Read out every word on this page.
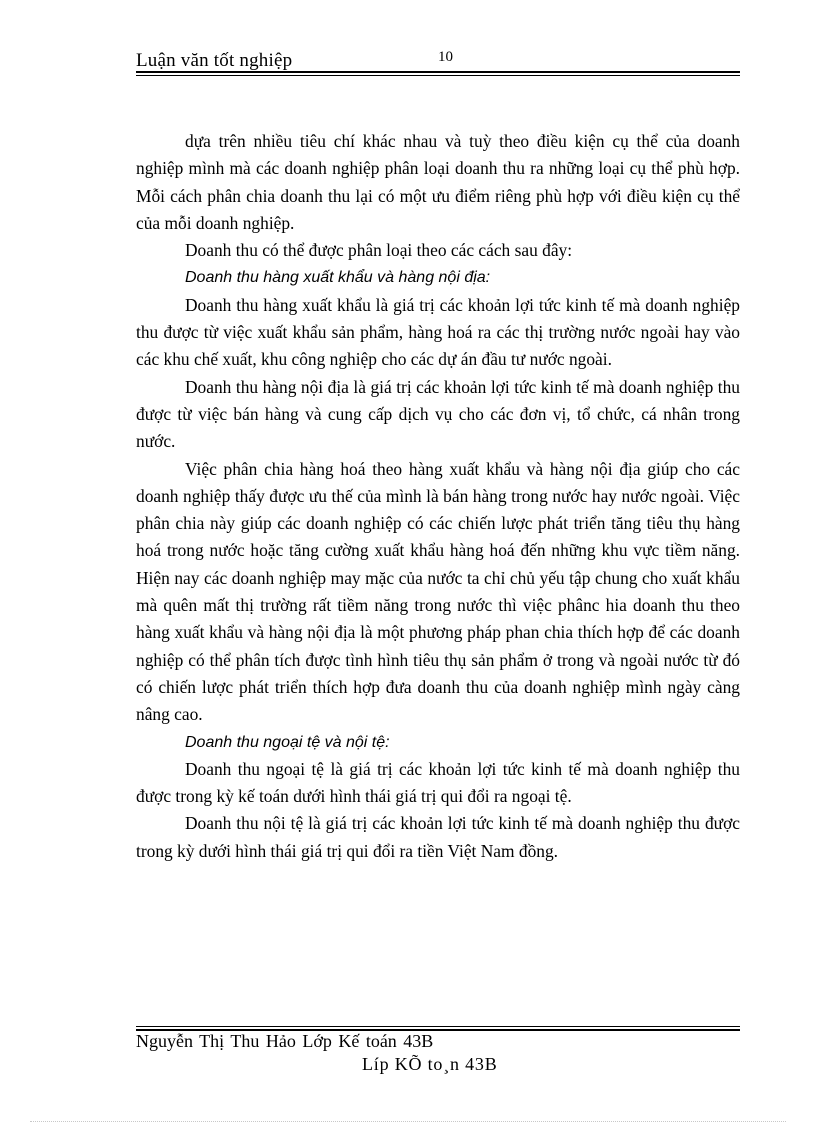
Luận văn tốt nghiệp	10

dựa trên nhiều tiêu chí khác nhau và tuỳ theo điều kiện cụ thể của doanh nghiệp mình mà các doanh nghiệp phân loại doanh thu ra những loại cụ thể phù hợp. Mỗi cách phân chia doanh thu lại có một ưu điểm riêng phù hợp với điều kiện cụ thể của mỗi doanh nghiệp.

Doanh thu có thể được phân loại theo các cách sau đây:

Doanh thu hàng xuất khẩu và hàng nội địa:

Doanh thu hàng xuất khẩu là giá trị các khoản lợi tức kinh tế mà doanh nghiệp thu được từ việc xuất khẩu sản phẩm, hàng hoá ra các thị trường nước ngoài hay vào các khu chế xuất, khu công nghiệp cho các dự án đầu tư nước ngoài.

Doanh thu hàng nội địa là giá trị các khoản lợi tức kinh tế mà doanh nghiệp thu được từ việc bán hàng và cung cấp dịch vụ cho các đơn vị, tổ chức, cá nhân trong nước.

Việc phân chia hàng hoá theo hàng xuất khẩu và hàng nội địa giúp cho các doanh nghiệp thấy được ưu thế của mình là bán hàng trong nước hay nước ngoài. Việc phân chia này giúp các doanh nghiệp có các chiến lược phát triển tăng tiêu thụ hàng hoá trong nước hoặc tăng cường xuất khẩu hàng hoá đến những khu vực tiềm năng. Hiện nay các doanh nghiệp may mặc của nước ta chỉ chủ yếu tập chung cho xuất khẩu mà quên mất thị trường rất tiềm năng trong nước thì việc phânc hia doanh thu theo hàng xuất khẩu và hàng nội địa là một phương pháp phan chia thích hợp để các doanh nghiệp có thể phân tích được tình hình tiêu thụ sản phẩm ở trong và ngoài nước từ đó có chiến lược phát triển thích hợp đưa doanh thu của doanh nghiệp mình ngày càng nâng cao.

Doanh thu ngoại tệ và nội tệ:

Doanh thu ngoại tệ là giá trị các khoản lợi tức kinh tế mà doanh nghiệp thu được trong kỳ kế toán dưới hình thái giá trị qui đổi ra ngoại tệ.

Doanh thu nội tệ là giá trị các khoản lợi tức kinh tế mà doanh nghiệp thu được trong kỳ dưới hình thái giá trị qui đổi ra tiền Việt Nam đồng.

Nguyễn Thị Thu Hảo Lớp Kế toán 43B
Líp KÕ to¸n 43B
